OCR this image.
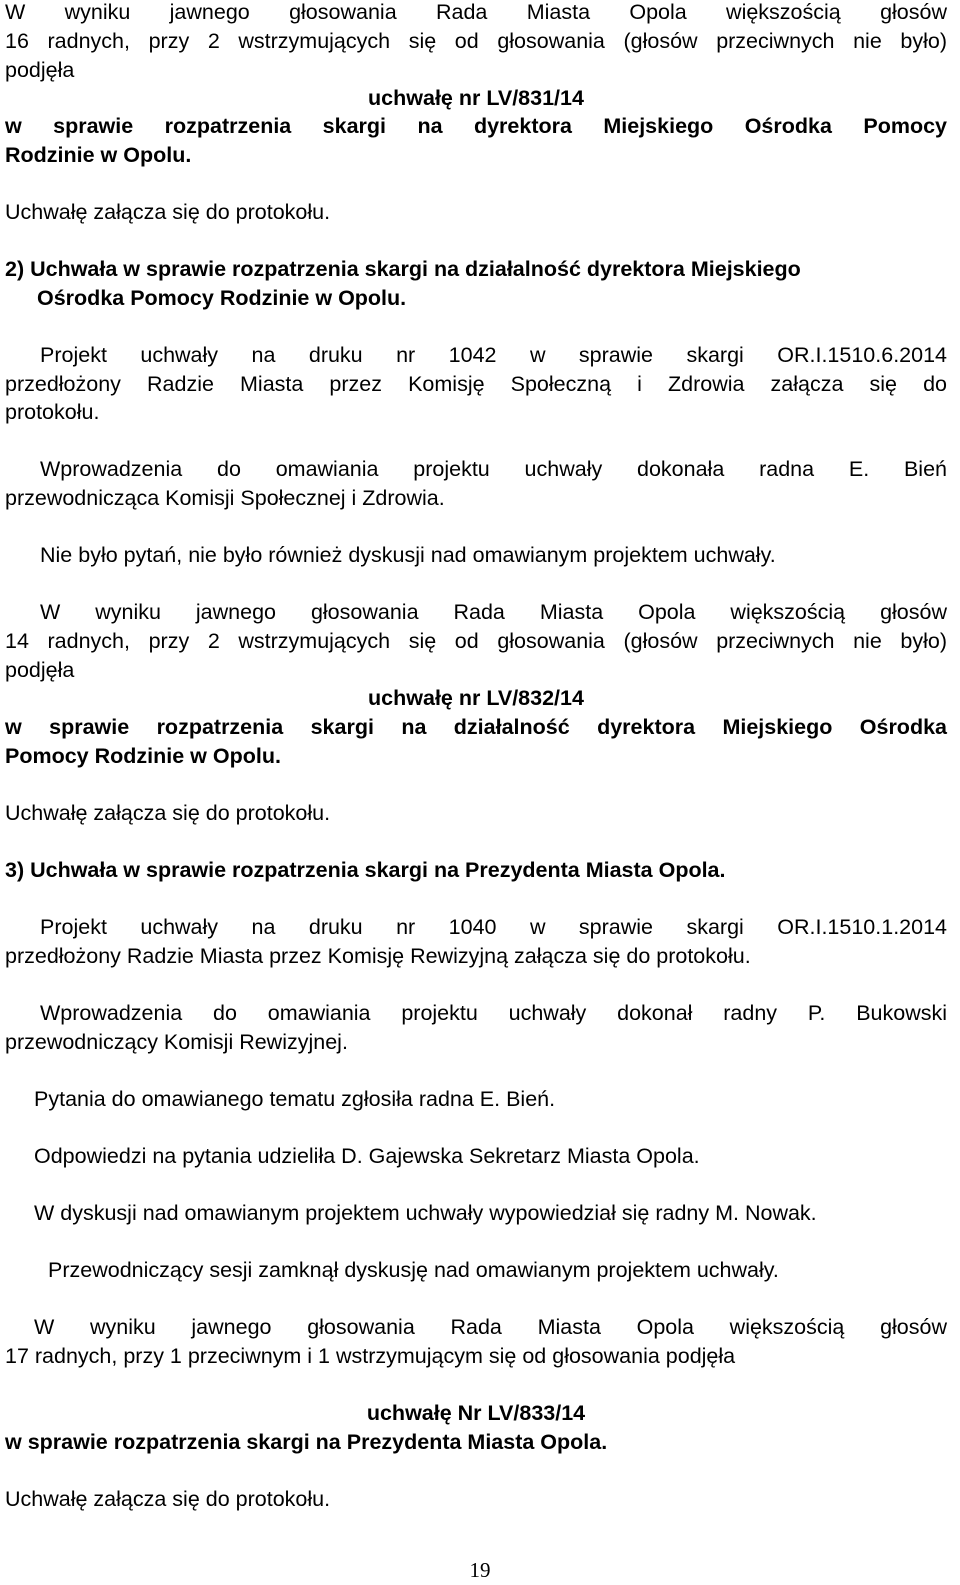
W wyniku jawnego głosowania Rada Miasta Opola większością głosów
16 radnych, przy 2 wstrzymujących się od głosowania (głosów przeciwnych nie było)
podjęła
uchwałę nr LV/831/14
w sprawie rozpatrzenia skargi na dyrektora Miejskiego Ośrodka Pomocy
Rodzinie w Opolu.
Uchwałę załącza się do protokołu.
2) Uchwała w sprawie rozpatrzenia skargi na działalność dyrektora Miejskiego
Ośrodka Pomocy Rodzinie w Opolu.
Projekt uchwały na druku nr 1042 w sprawie skargi OR.I.1510.6.2014
przedłożony Radzie Miasta przez Komisję Społeczną i Zdrowia załącza się do
protokołu.
Wprowadzenia do omawiania projektu uchwały dokonała radna E. Bień
przewodnicząca Komisji Społecznej i Zdrowia.
Nie było pytań, nie było również dyskusji nad omawianym projektem uchwały.
W wyniku jawnego głosowania Rada Miasta Opola większością głosów
14 radnych, przy 2 wstrzymujących się od głosowania (głosów przeciwnych nie było)
podjęła
uchwałę nr LV/832/14
w sprawie rozpatrzenia skargi na działalność dyrektora Miejskiego Ośrodka
Pomocy Rodzinie w Opolu.
Uchwałę załącza się do protokołu.
3) Uchwała w sprawie rozpatrzenia skargi na Prezydenta Miasta Opola.
Projekt uchwały na druku nr 1040 w sprawie skargi OR.I.1510.1.2014
przedłożony Radzie Miasta przez Komisję Rewizyjną załącza się do protokołu.
Wprowadzenia do omawiania projektu uchwały dokonał radny P. Bukowski
przewodniczący Komisji Rewizyjnej.
Pytania do omawianego tematu zgłosiła radna E. Bień.
Odpowiedzi na pytania udzieliła D. Gajewska Sekretarz Miasta Opola.
W dyskusji nad omawianym projektem uchwały wypowiedział się radny M. Nowak.
Przewodniczący sesji zamknął dyskusję nad omawianym projektem uchwały.
W wyniku jawnego głosowania Rada Miasta Opola większością głosów
17 radnych, przy 1 przeciwnym i 1 wstrzymującym się od głosowania podjęła
uchwałę Nr LV/833/14
w sprawie rozpatrzenia skargi na Prezydenta Miasta Opola.
Uchwałę załącza się do protokołu.
19
